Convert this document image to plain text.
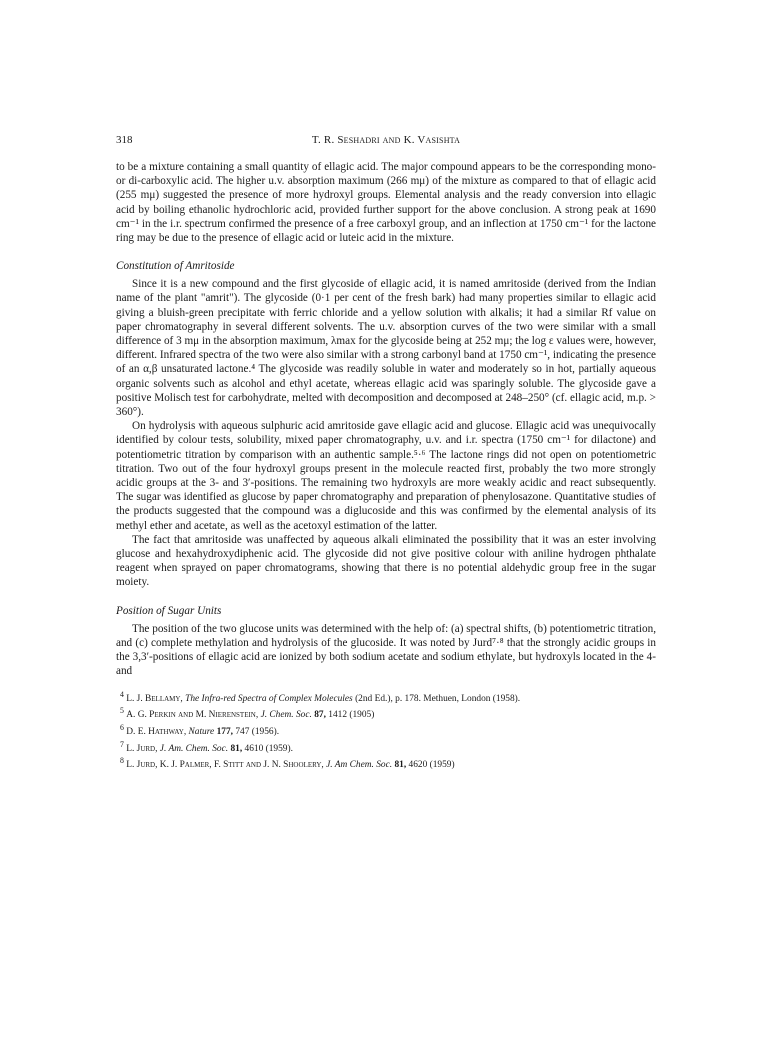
318	T. R. Seshadri and K. Vasishta

to be a mixture containing a small quantity of ellagic acid. The major compound appears to be the corresponding mono- or di-carboxylic acid. The higher u.v. absorption maximum (266 mμ) of the mixture as compared to that of ellagic acid (255 mμ) suggested the presence of more hydroxyl groups. Elemental analysis and the ready conversion into ellagic acid by boiling ethanolic hydrochloric acid, provided further support for the above conclusion. A strong peak at 1690 cm⁻¹ in the i.r. spectrum confirmed the presence of a free carboxyl group, and an inflection at 1750 cm⁻¹ for the lactone ring may be due to the presence of ellagic acid or luteic acid in the mixture.

Constitution of Amritoside

Since it is a new compound and the first glycoside of ellagic acid, it is named amritoside (derived from the Indian name of the plant "amrit"). The glycoside (0·1 per cent of the fresh bark) had many properties similar to ellagic acid giving a bluish-green precipitate with ferric chloride and a yellow solution with alkalis; it had a similar Rf value on paper chromatography in several different solvents. The u.v. absorption curves of the two were similar with a small difference of 3 mμ in the absorption maximum, λmax for the glycoside being at 252 mμ; the log ε values were, however, different. Infrared spectra of the two were also similar with a strong carbonyl band at 1750 cm⁻¹, indicating the presence of an α,β unsaturated lactone.⁴ The glycoside was readily soluble in water and moderately so in hot, partially aqueous organic solvents such as alcohol and ethyl acetate, whereas ellagic acid was sparingly soluble. The glycoside gave a positive Molisch test for carbohydrate, melted with decomposition and decomposed at 248–250° (cf. ellagic acid, m.p. > 360°).

On hydrolysis with aqueous sulphuric acid amritoside gave ellagic acid and glucose. Ellagic acid was unequivocally identified by colour tests, solubility, mixed paper chromatography, u.v. and i.r. spectra (1750 cm⁻¹ for dilactone) and potentiometric titration by comparison with an authentic sample.⁵·⁶ The lactone rings did not open on potentiometric titration. Two out of the four hydroxyl groups present in the molecule reacted first, probably the two more strongly acidic groups at the 3- and 3′-positions. The remaining two hydroxyls are more weakly acidic and react subsequently. The sugar was identified as glucose by paper chromatography and preparation of phenylosazone. Quantitative studies of the products suggested that the compound was a diglucoside and this was confirmed by the elemental analysis of its methyl ether and acetate, as well as the acetoxyl estimation of the latter.

The fact that amritoside was unaffected by aqueous alkali eliminated the possibility that it was an ester involving glucose and hexahydroxydiphenic acid. The glycoside did not give positive colour with aniline hydrogen phthalate reagent when sprayed on paper chromatograms, showing that there is no potential aldehydic group free in the sugar moiety.

Position of Sugar Units

The position of the two glucose units was determined with the help of: (a) spectral shifts, (b) potentiometric titration, and (c) complete methylation and hydrolysis of the glucoside. It was noted by Jurd⁷·⁸ that the strongly acidic groups in the 3,3′-positions of ellagic acid are ionized by both sodium acetate and sodium ethylate, but hydroxyls located in the 4- and

$^4$ L. J. Bellamy, The Infra-red Spectra of Complex Molecules (2nd Ed.), p. 178. Methuen, London (1958).

$^5$ A. G. Perkin and M. Nierenstein, J. Chem. Soc. 87, 1412 (1905)

$^6$ D. E. Hathway, Nature 177, 747 (1956).

$^7$ L. Jurd, J. Am. Chem. Soc. 81, 4610 (1959).

$^8$ L. Jurd, K. J. Palmer, F. Stitt and J. N. Shoolery, J. Am Chem. Soc. 81, 4620 (1959)
